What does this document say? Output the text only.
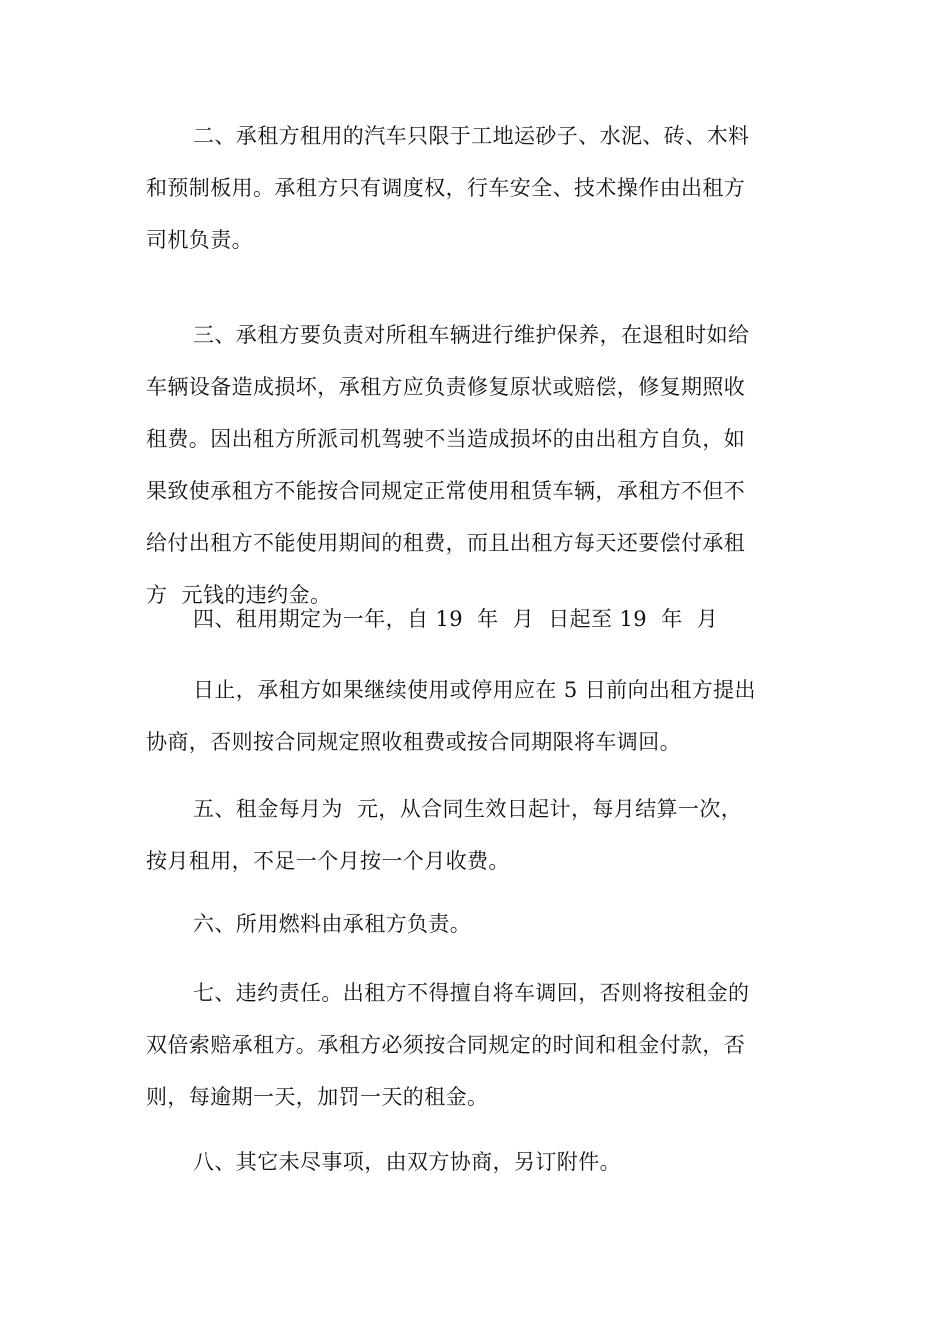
二、承租方租用的汽车只限于工地运砂子、水泥、砖、木料
和预制板用。承租方只有调度权，行车安全、技术操作由出租方
司机负责。
三、承租方要负责对所租车辆进行维护保养，在退租时如给
车辆设备造成损坏，承租方应负责修复原状或赔偿，修复期照收
租费。因出租方所派司机驾驶不当造成损坏的由出租方自负，如
果致使承租方不能按合同规定正常使用租赁车辆，承租方不但不
给付出租方不能使用期间的租费，而且出租方每天还要偿付承租
方  元钱的违约金。
四、租用期定为一年，自 19  年  月  日起至 19  年  月
日止，承租方如果继续使用或停用应在 5 日前向出租方提出
协商，否则按合同规定照收租费或按合同期限将车调回。
五、租金每月为  元，从合同生效日起计，每月结算一次，
按月租用，不足一个月按一个月收费。
六、所用燃料由承租方负责。
七、违约责任。出租方不得擅自将车调回，否则将按租金的
双倍索赔承租方。承租方必须按合同规定的时间和租金付款，否
则，每逾期一天，加罚一天的租金。
八、其它未尽事项，由双方协商，另订附件。
